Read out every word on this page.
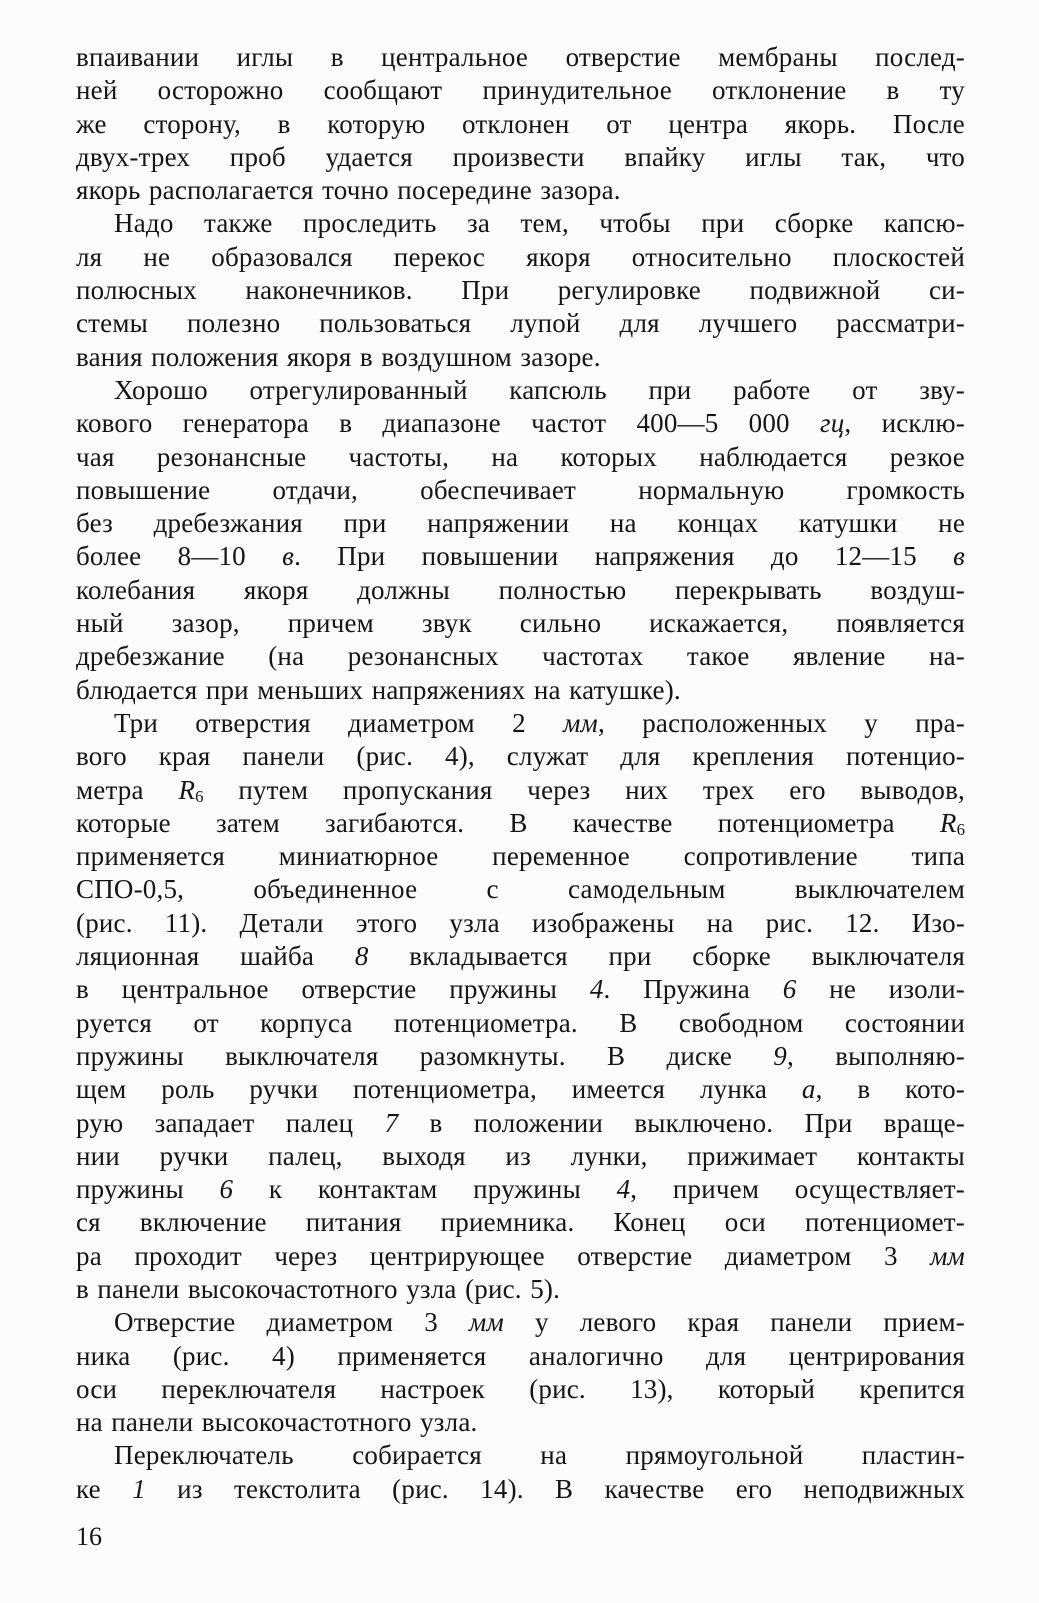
впаивании иглы в центральное отверстие мембраны послед-
ней осторожно сообщают принудительное отклонение в ту
же сторону, в которую отклонен от центра якорь. После
двух-трех проб удается произвести впайку иглы так, что
якорь располагается точно посередине зазора.
Надо также проследить за тем, чтобы при сборке капсю-
ля не образовался перекос якоря относительно плоскостей
полюсных наконечников. При регулировке подвижной си-
стемы полезно пользоваться лупой для лучшего рассматри-
вания положения якоря в воздушном зазоре.
Хорошо отрегулированный капсюль при работе от зву-
кового генератора в диапазоне частот 400—5 000 гц, исклю-
чая резонансные частоты, на которых наблюдается резкое
повышение отдачи, обеспечивает нормальную громкость
без дребезжания при напряжении на концах катушки не
более 8—10 в. При повышении напряжения до 12—15 в
колебания якоря должны полностью перекрывать воздуш-
ный зазор, причем звук сильно искажается, появляется
дребезжание (на резонансных частотах такое явление на-
блюдается при меньших напряжениях на катушке).
Три отверстия диаметром 2 мм, расположенных у пра-
вого края панели (рис. 4), служат для крепления потенцио-
метра R6 путем пропускания через них трех его выводов,
которые затем загибаются. В качестве потенциометра R6
применяется миниатюрное переменное сопротивление типа
СПО-0,5, объединенное с самодельным выключателем
(рис. 11). Детали этого узла изображены на рис. 12. Изо-
ляционная шайба 8 вкладывается при сборке выключателя
в центральное отверстие пружины 4. Пружина 6 не изоли-
руется от корпуса потенциометра. В свободном состоянии
пружины выключателя разомкнуты. В диске 9, выполняю-
щем роль ручки потенциометра, имеется лунка а, в кото-
рую западает палец 7 в положении выключено. При враще-
нии ручки палец, выходя из лунки, прижимает контакты
пружины 6 к контактам пружины 4, причем осуществляет-
ся включение питания приемника. Конец оси потенциомет-
ра проходит через центрирующее отверстие диаметром 3 мм
в панели высокочастотного узла (рис. 5).
Отверстие диаметром 3 мм у левого края панели прием-
ника (рис. 4) применяется аналогично для центрирования
оси переключателя настроек (рис. 13), который крепится
на панели высокочастотного узла.
Переключатель собирается на прямоугольной пластин-
ке 1 из текстолита (рис. 14). В качестве его неподвижных
16
